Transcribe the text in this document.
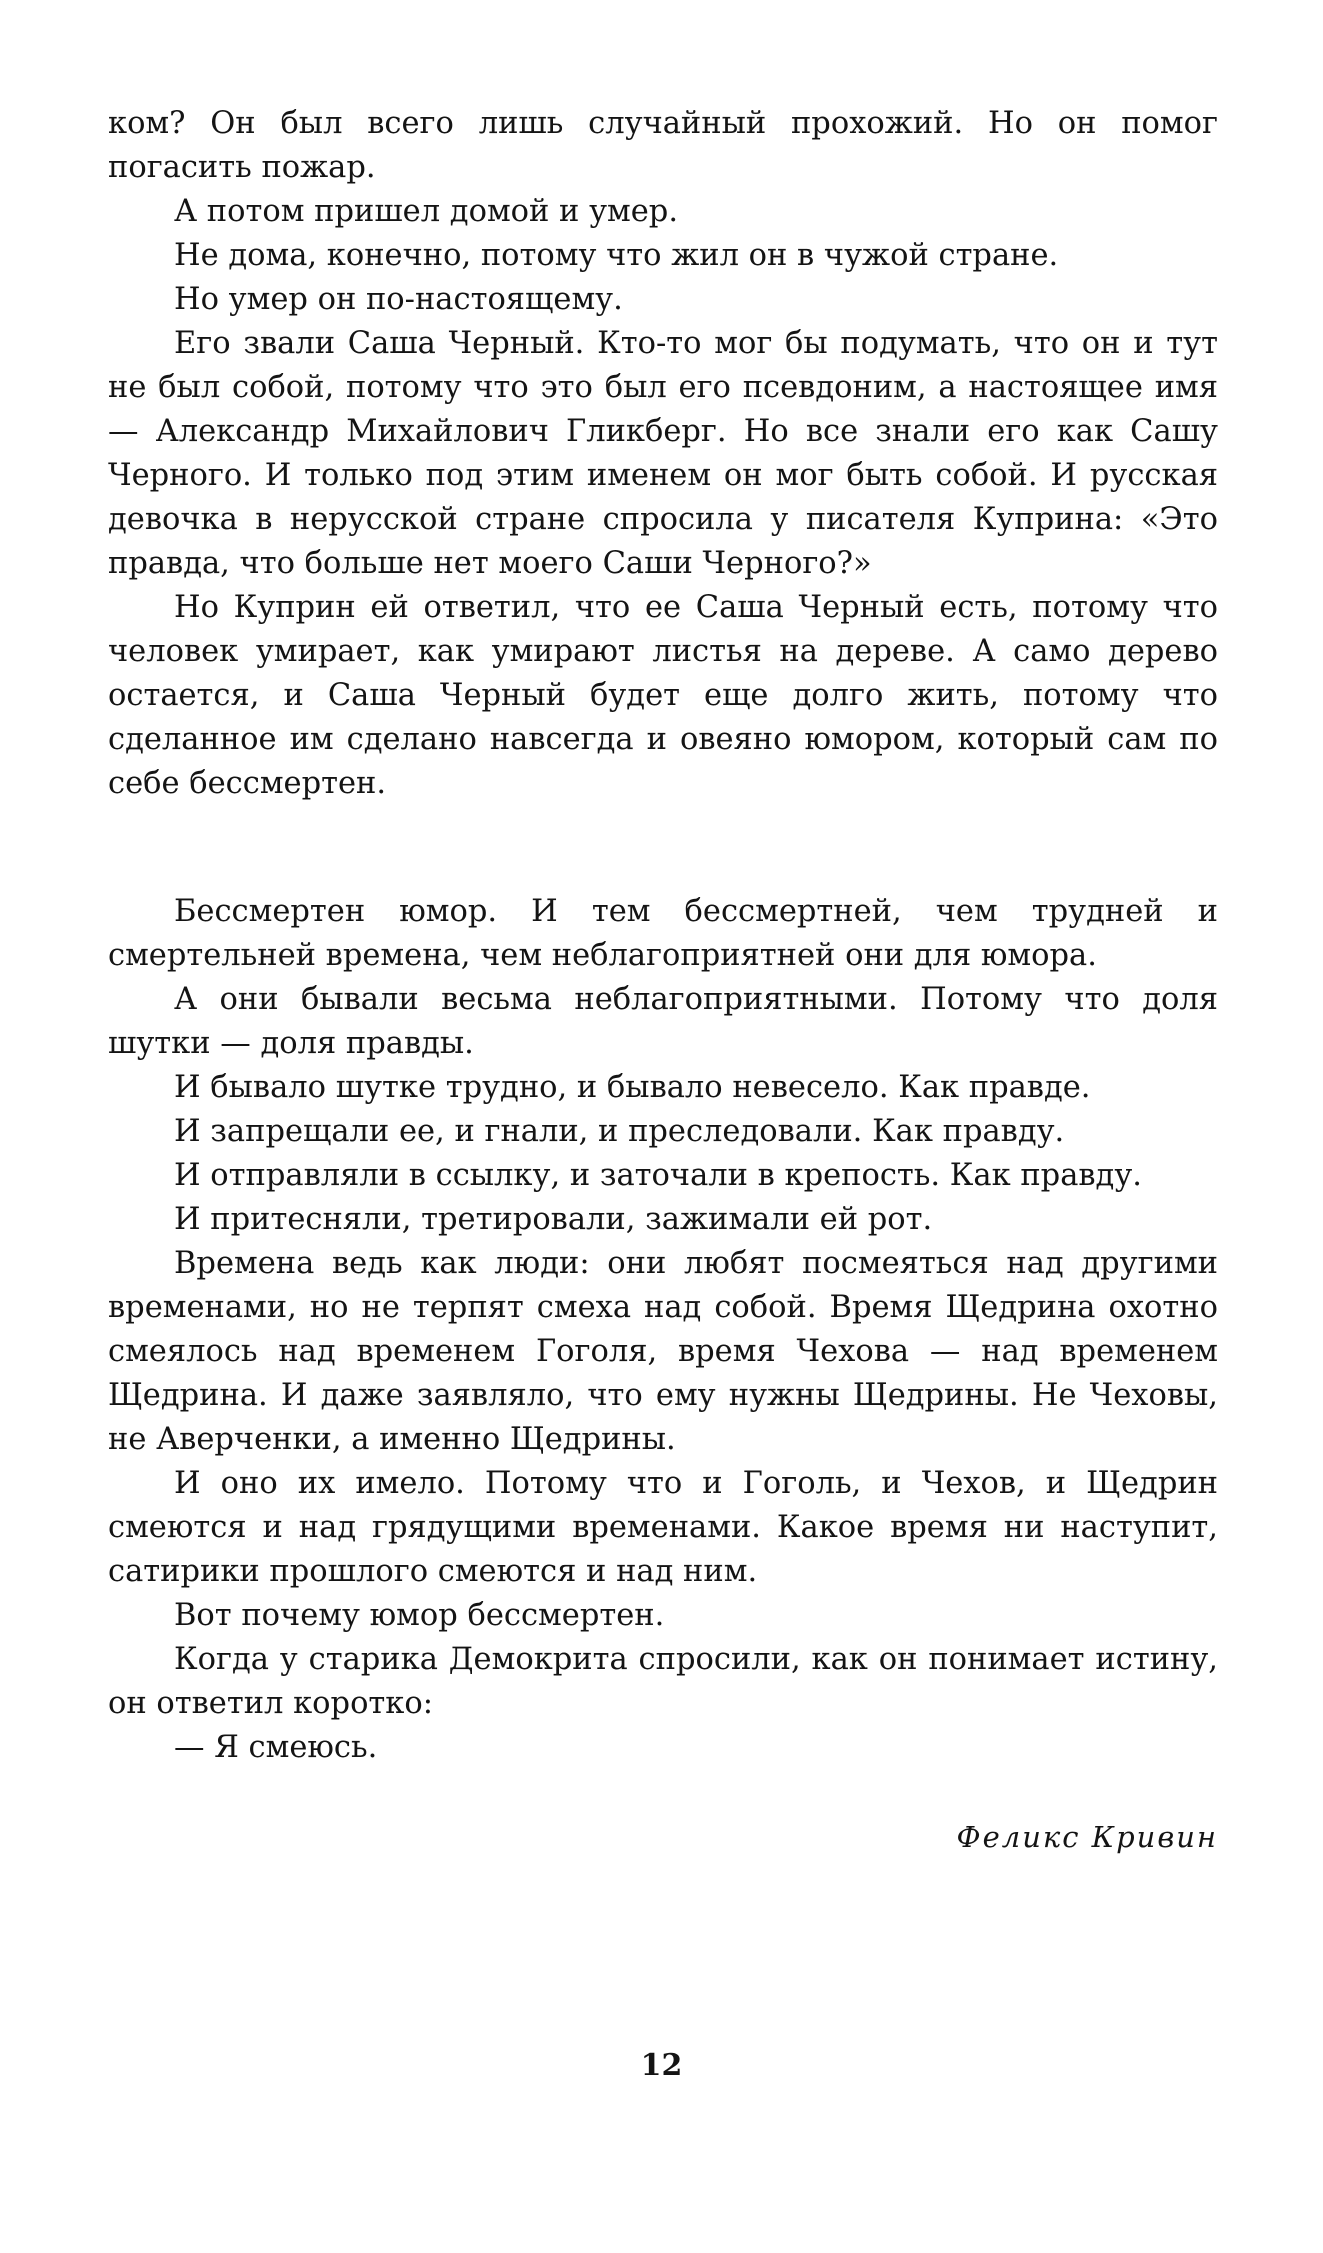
ком? Он был всего лишь случайный прохожий. Но он помог погасить пожар.

А потом пришел домой и умер.

Не дома, конечно, потому что жил он в чужой стране.

Но умер он по-настоящему.

Его звали Саша Черный. Кто-то мог бы подумать, что он и тут не был собой, потому что это был его псевдоним, а настоящее имя — Александр Михайлович Гликберг. Но все знали его как Сашу Черного. И только под этим именем он мог быть собой. И русская девочка в нерусской стране спросила у писателя Куприна: «Это правда, что больше нет моего Саши Черного?»

Но Куприн ей ответил, что ее Саша Черный есть, потому что человек умирает, как умирают листья на дереве. А само дерево остается, и Саша Черный будет еще долго жить, потому что сделанное им сделано навсегда и овеяно юмором, который сам по себе бессмертен.

Бессмертен юмор. И тем бессмертней, чем трудней и смертельней времена, чем неблагоприятней они для юмора.

А они бывали весьма неблагоприятными. Потому что доля шутки — доля правды.

И бывало шутке трудно, и бывало невесело. Как правде.

И запрещали ее, и гнали, и преследовали. Как правду.

И отправляли в ссылку, и заточали в крепость. Как правду.

И притесняли, третировали, зажимали ей рот.

Времена ведь как люди: они любят посмеяться над другими временами, но не терпят смеха над собой. Время Щедрина охотно смеялось над временем Гоголя, время Чехова — над временем Щедрина. И даже заявляло, что ему нужны Щедрины. Не Чеховы, не Аверченки, а именно Щедрины.

И оно их имело. Потому что и Гоголь, и Чехов, и Щедрин смеются и над грядущими временами. Какое время ни наступит, сатирики прошлого смеются и над ним.

Вот почему юмор бессмертен.

Когда у старика Демокрита спросили, как он понимает истину, он ответил коротко:

— Я смеюсь.

Феликс Кривин
12
